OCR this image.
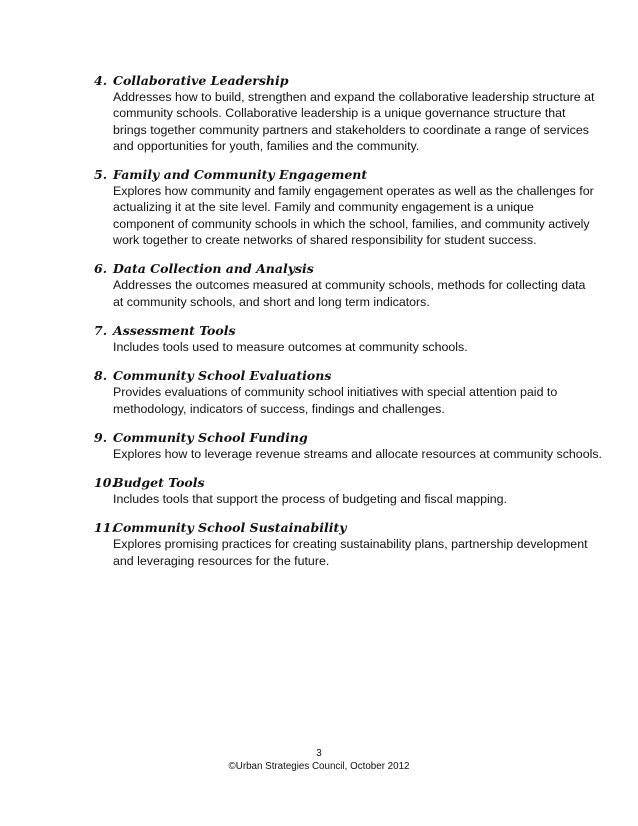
4. Collaborative Leadership
Addresses how to build, strengthen and expand the collaborative leadership structure at
community schools. Collaborative leadership is a unique governance structure that
brings together community partners and stakeholders to coordinate a range of services
and opportunities for youth, families and the community.
5. Family and Community Engagement
Explores how community and family engagement operates as well as the challenges for
actualizing it at the site level. Family and community engagement is a unique
component of community schools in which the school, families, and community actively
work together to create networks of shared responsibility for student success.
6. Data Collection and Analysis
Addresses the outcomes measured at community schools, methods for collecting data
at community schools, and short and long term indicators.
7. Assessment Tools
Includes tools used to measure outcomes at community schools.
8. Community School Evaluations
Provides evaluations of community school initiatives with special attention paid to
methodology, indicators of success, findings and challenges.
9. Community School Funding
Explores how to leverage revenue streams and allocate resources at community schools.
10.
Budget Tools
Includes tools that support the process of budgeting and fiscal mapping.
11.
Community School Sustainability
Explores promising practices for creating sustainability plans, partnership development
and leveraging resources for the future.
3
©Urban Strategies Council, October 2012
